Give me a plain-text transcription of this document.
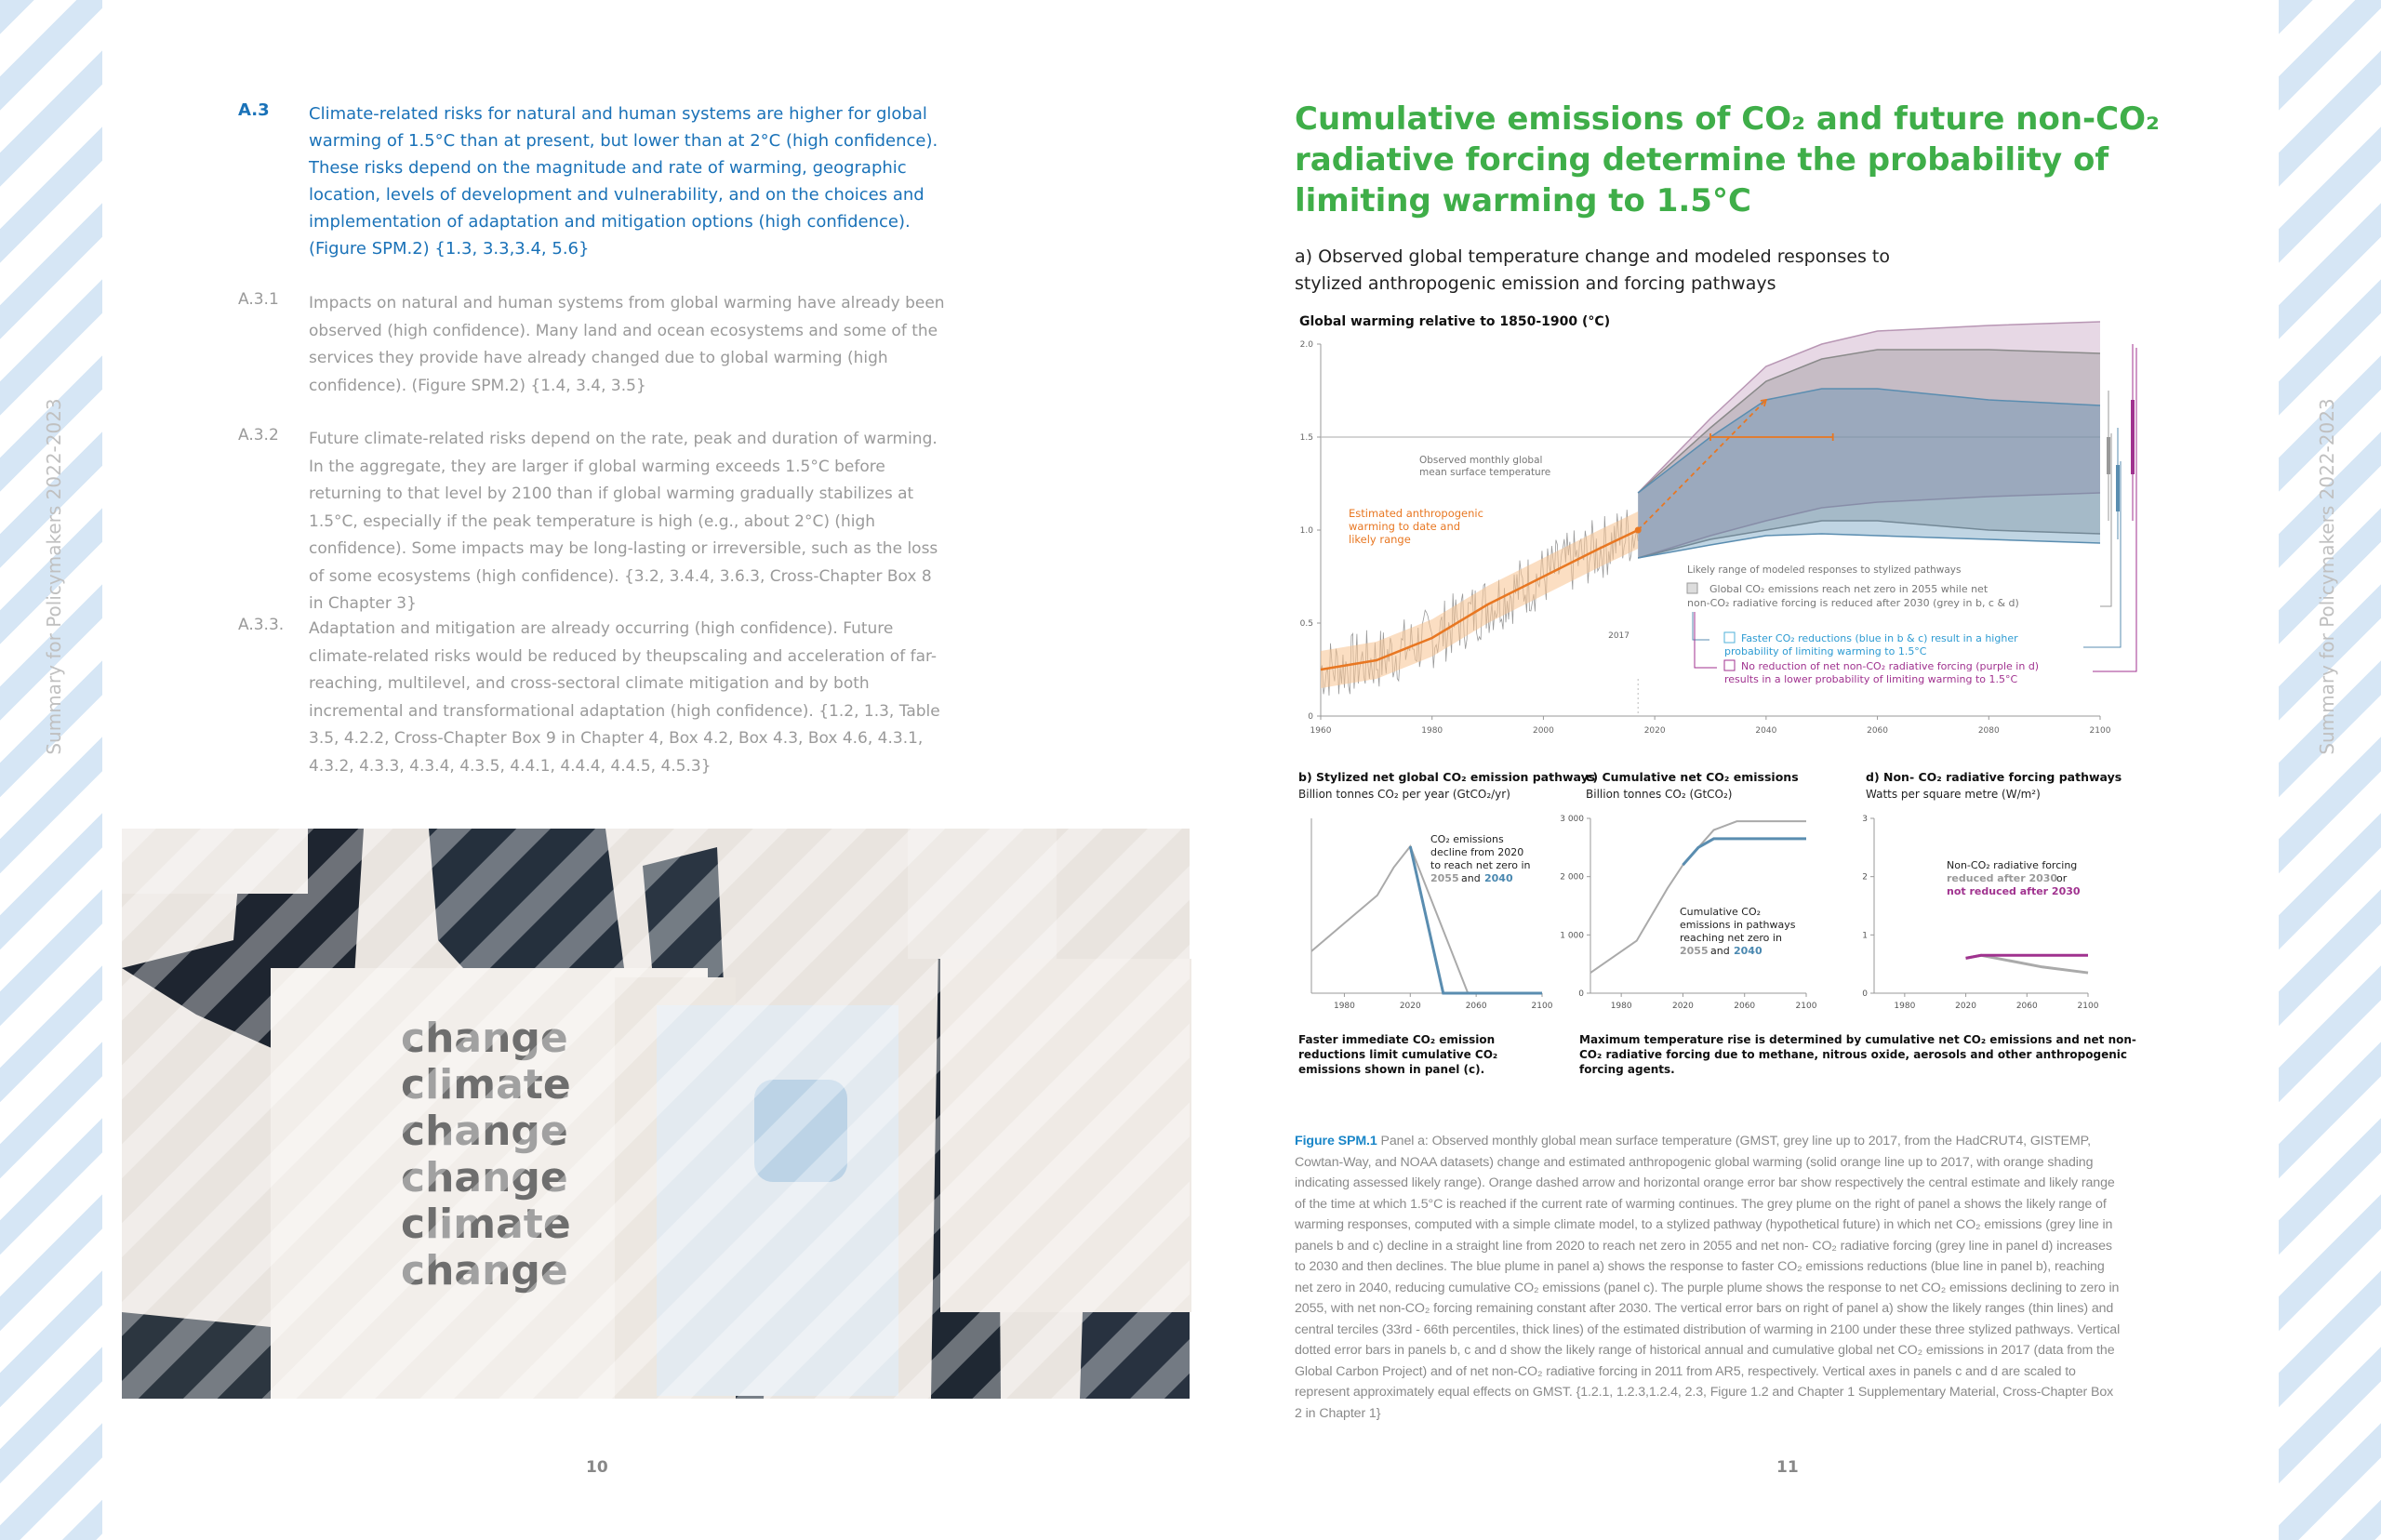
Summary for Policymakers 2022-2023	Summary for Policymakers 2022-2023
A.3 Climate-related risks for natural and human systems are higher for global warming of 1.5°C than at present, but lower than at 2°C (high confidence). These risks depend on the magnitude and rate of warming, geographic location, levels of development and vulnerability, and on the choices and implementation of adaptation and mitigation options (high confidence). (Figure SPM.2) {1.3, 3.3,3.4, 5.6}
A.3.1 Impacts on natural and human systems from global warming have already been observed (high confidence). Many land and ocean ecosystems and some of the services they provide have already changed due to global warming (high confidence). (Figure SPM.2) {1.4, 3.4, 3.5}
A.3.2 Future climate-related risks depend on the rate, peak and duration of warming. In the aggregate, they are larger if global warming exceeds 1.5°C before returning to that level by 2100 than if global warming gradually stabilizes at 1.5°C, especially if the peak temperature is high (e.g., about 2°C) (high confidence). Some impacts may be long-lasting or irreversible, such as the loss of some ecosystems (high confidence). {3.2, 3.4.4, 3.6.3, Cross-Chapter Box 8 in Chapter 3}
A.3.3. Adaptation and mitigation are already occurring (high confidence). Future climate-related risks would be reduced by theupscaling and acceleration of far-reaching, multilevel, and cross-sectoral climate mitigation and by both incremental and transformational adaptation (high confidence). {1.2, 1.3, Table 3.5, 4.2.2, Cross-Chapter Box 9 in Chapter 4, Box 4.2, Box 4.3, Box 4.6, 4.3.1, 4.3.2, 4.3.3, 4.3.4, 4.3.5, 4.4.1, 4.4.4, 4.4.5, 4.5.3}
10
Cumulative emissions of CO₂ and future non-CO₂ radiative forcing determine the probability of limiting warming to 1.5°C
a) Observed global temperature change and modeled responses to stylized anthropogenic emission and forcing pathways
Global warming relative to 1850-1900 (°C)
0
0.5
1.0
1.5
2.0
1960	1980	2000	2020	2040	2060	2080	2100
Observed monthly global
mean surface temperature
Estimated anthropogenic
warming to date and
likely range
2017
Likely range of modeled responses to stylized pathways
Global CO₂ emissions reach net zero in 2055 while net
non-CO₂ radiative forcing is reduced after 2030 (grey in b, c & d)
Faster CO₂ reductions (blue in b & c) result in a higher
probability of limiting warming to 1.5°C
No reduction of net non-CO₂ radiative forcing (purple in d)
results in a lower probability of limiting warming to 1.5°C
b) Stylized net global CO₂ emission pathways
Billion tonnes CO₂ per year (GtCO₂/yr)
1980	2020	2060	2100
CO₂ emissions
decline from 2020
to reach net zero in
2055 and 2040
c) Cumulative net CO₂ emissions
Billion tonnes CO₂ (GtCO₂)
1980	2020	2060	2100
0
1 000
2 000
3 000
Cumulative CO₂
emissions in pathways
reaching net zero in
2055 and 2040
d) Non- CO₂ radiative forcing pathways
Watts per square metre (W/m²)
1980	2020	2060	2100
0
1
2
3
Non-CO₂ radiative forcing
reduced after 2030
or
not reduced after 2030
Faster immediate CO₂ emission reductions limit cumulative CO₂ emissions shown in panel (c).
Maximum temperature rise is determined by cumulative net CO₂ emissions and net non-CO₂ radiative forcing due to methane, nitrous oxide, aerosols and other anthropogenic forcing agents.
Figure SPM.1 Panel a: Observed monthly global mean surface temperature (GMST, grey line up to 2017, from the HadCRUT4, GISTEMP, Cowtan-Way, and NOAA datasets) change and estimated anthropogenic global warming (solid orange line up to 2017, with orange shading indicating assessed likely range). Orange dashed arrow and horizontal orange error bar show respectively the central estimate and likely range of the time at which 1.5°C is reached if the current rate of warming continues. The grey plume on the right of panel a shows the likely range of warming responses, computed with a simple climate model, to a stylized pathway (hypothetical future) in which net CO₂ emissions (grey line in panels b and c) decline in a straight line from 2020 to reach net zero in 2055 and net non- CO₂ radiative forcing (grey line in panel d) increases to 2030 and then declines. The blue plume in panel a) shows the response to faster CO₂ emissions reductions (blue line in panel b), reaching net zero in 2040, reducing cumulative CO₂ emissions (panel c). The purple plume shows the response to net CO₂ emissions declining to zero in 2055, with net non-CO₂ forcing remaining constant after 2030. The vertical error bars on right of panel a) show the likely ranges (thin lines) and central terciles (33rd - 66th percentiles, thick lines) of the estimated distribution of warming in 2100 under these three stylized pathways. Vertical dotted error bars in panels b, c and d show the likely range of historical annual and cumulative global net CO₂ emissions in 2017 (data from the Global Carbon Project) and of net non-CO₂ radiative forcing in 2011 from AR5, respectively. Vertical axes in panels c and d are scaled to represent approximately equal effects on GMST. {1.2.1, 1.2.3,1.2.4, 2.3, Figure 1.2 and Chapter 1 Supplementary Material, Cross-Chapter Box 2 in Chapter 1}
11
